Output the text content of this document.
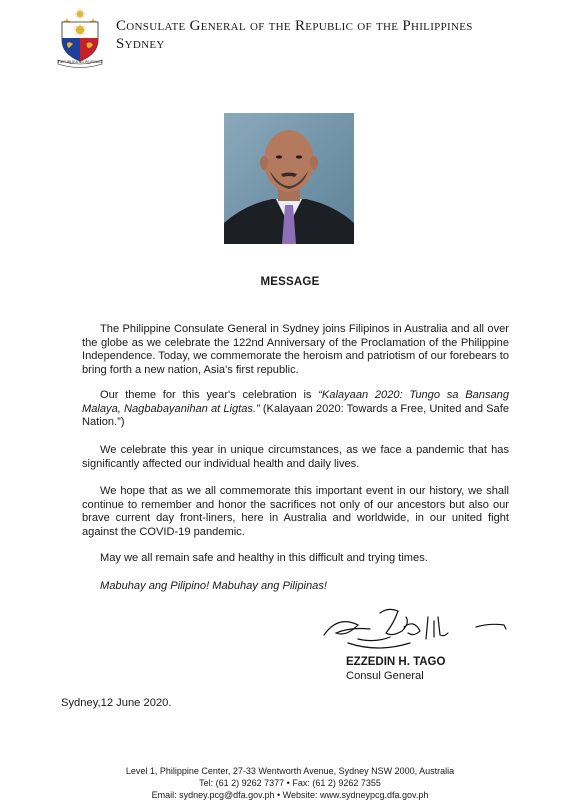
REPUBLIKA NG PILIPINAS
Consulate General of the Republic of the Philippines
Sydney
MESSAGE

The Philippine Consulate General in Sydney joins Filipinos in Australia and all over the globe as we celebrate the 122nd Anniversary of the Proclamation of the Philippine Independence. Today, we commemorate the heroism and patriotism of our forebears to bring forth a new nation, Asia's first republic.

Our theme for this year's celebration is “Kalayaan 2020: Tungo sa Bansang Malaya, Nagbabayanihan at Ligtas.” (Kalayaan 2020: Towards a Free, United and Safe Nation.”)

We celebrate this year in unique circumstances, as we face a pandemic that has significantly affected our individual health and daily lives.

We hope that as we all commemorate this important event in our history, we shall continue to remember and honor the sacrifices not only of our ancestors but also our brave current day front-liners, here in Australia and worldwide, in our united fight against the COVID-19 pandemic.

May we all remain safe and healthy in this difficult and trying times.

Mabuhay ang Pilipino! Mabuhay ang Pilipinas!

EZZEDIN H. TAGO
Consul General
Sydney,12 June 2020.
Level 1, Philippine Center, 27-33 Wentworth Avenue, Sydney NSW 2000, Australia
Tel: (61 2) 9262 7377 • Fax: (61 2) 9262 7355
Email: sydney.pcg@dfa.gov.ph • Website: www.sydneypcg.dfa.gov.ph
